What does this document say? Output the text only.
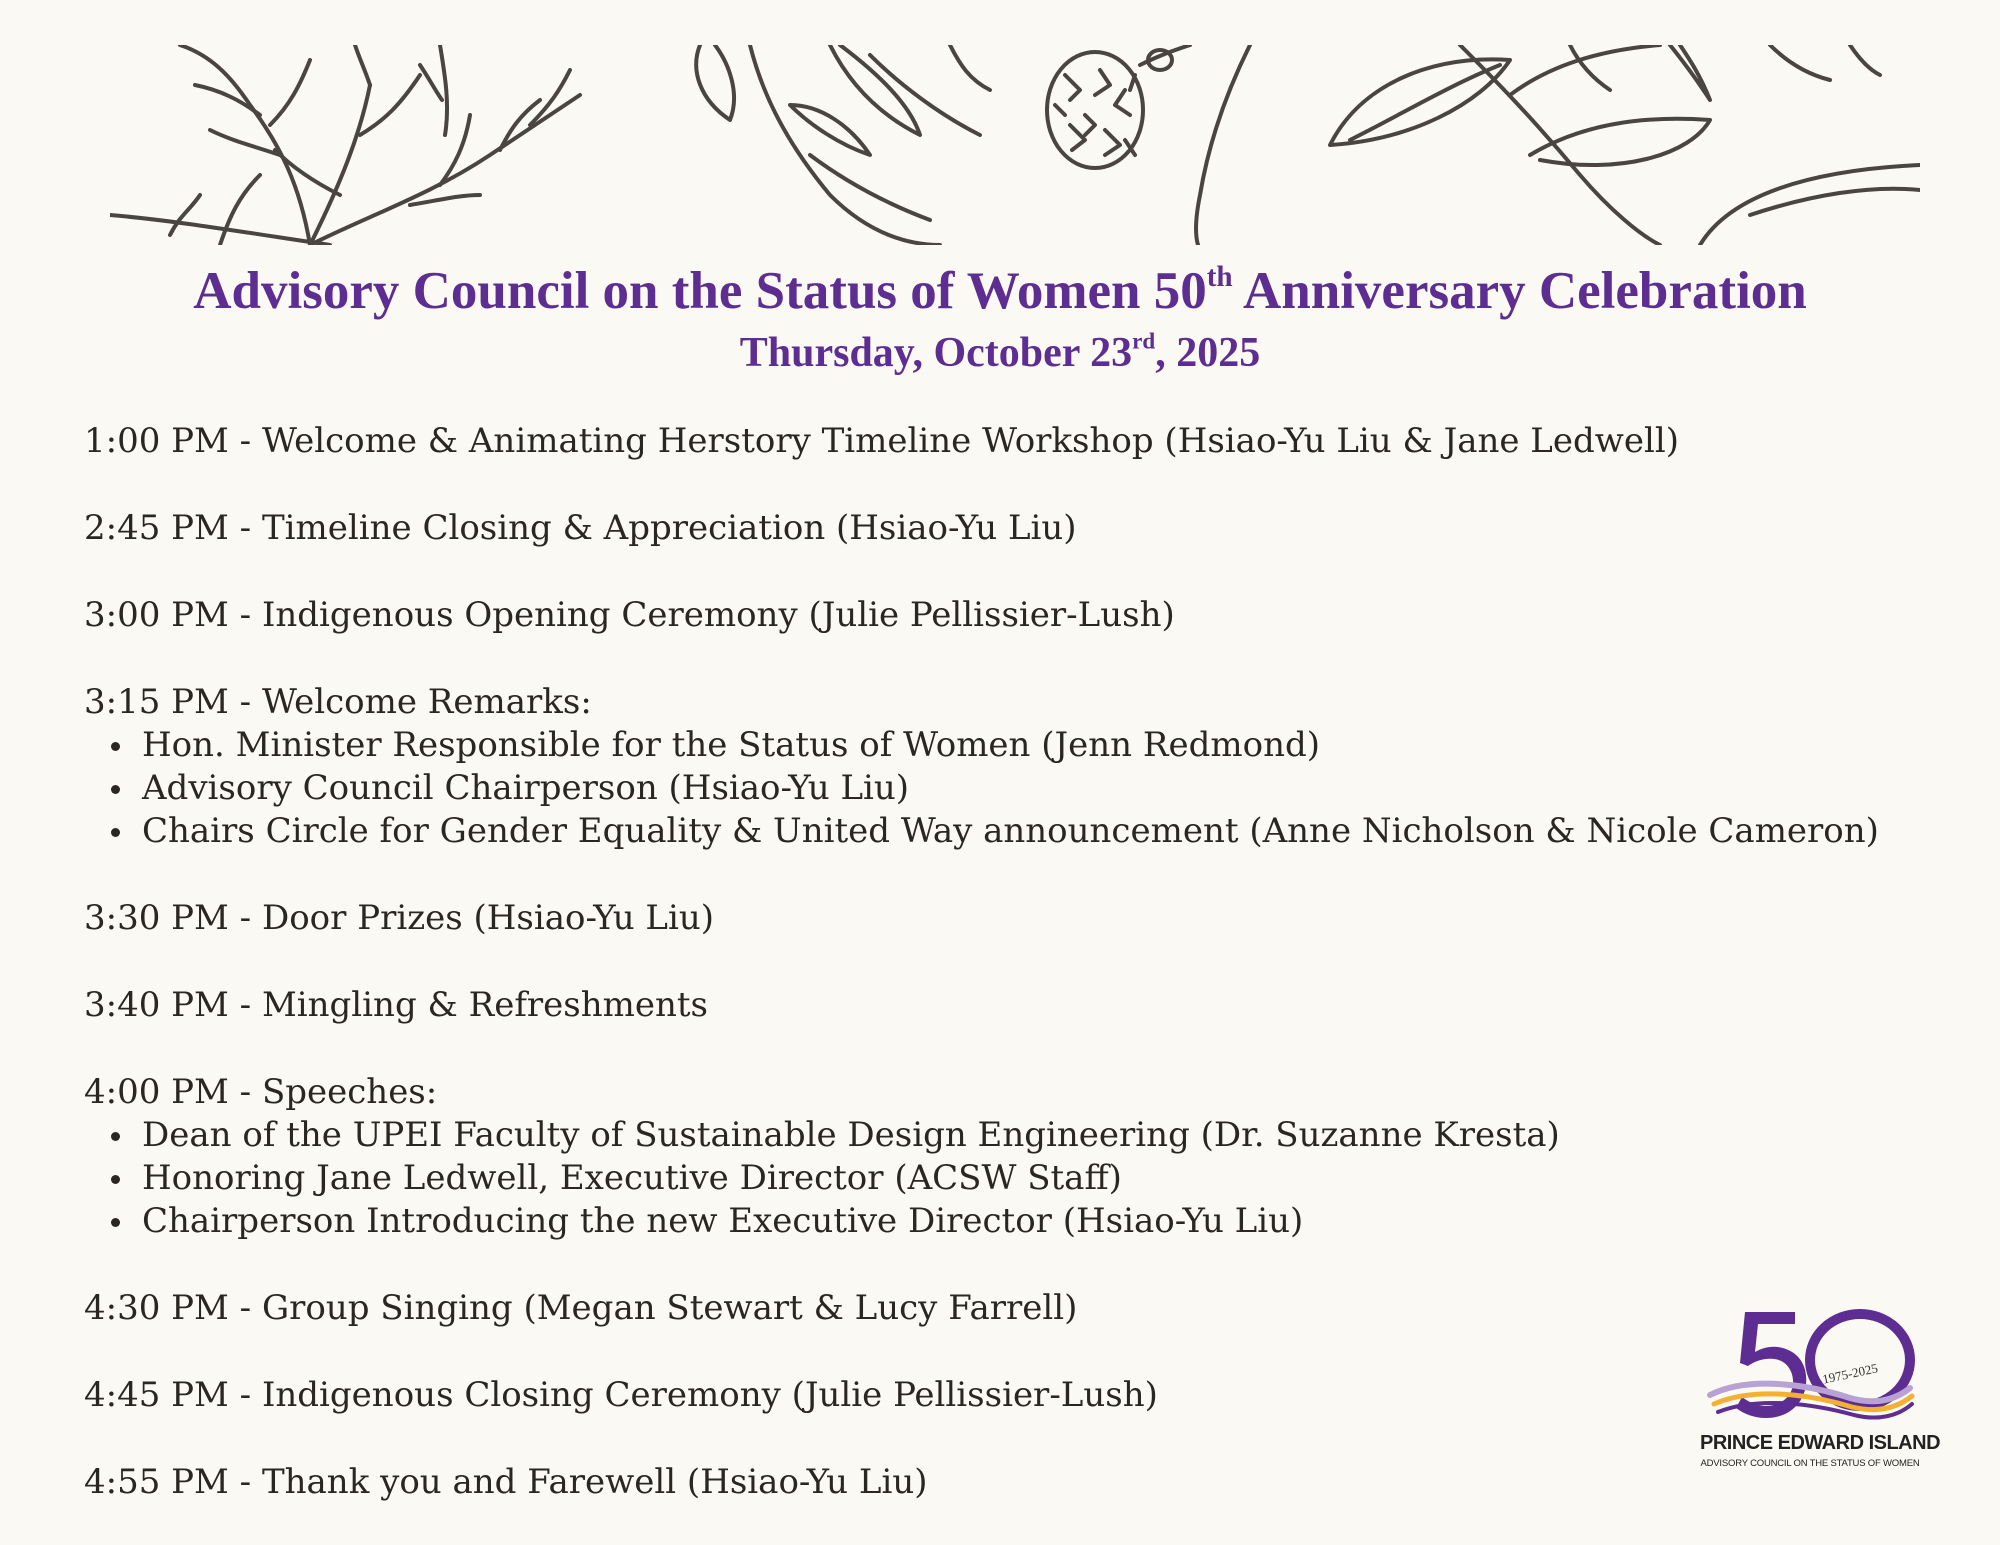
Advisory Council on the Status of Women 50th Anniversary Celebration
Thursday, October 23rd, 2025
1:00 PM - Welcome & Animating Herstory Timeline Workshop (Hsiao-Yu Liu & Jane Ledwell)
2:45 PM - Timeline Closing & Appreciation (Hsiao-Yu Liu)
3:00 PM - Indigenous Opening Ceremony (Julie Pellissier-Lush)
3:15 PM - Welcome Remarks:
Hon. Minister Responsible for the Status of Women (Jenn Redmond)
Advisory Council Chairperson (Hsiao-Yu Liu)
Chairs Circle for Gender Equality & United Way announcement (Anne Nicholson & Nicole Cameron)
3:30 PM - Door Prizes (Hsiao-Yu Liu)
3:40 PM - Mingling & Refreshments
4:00 PM - Speeches:
Dean of the UPEI Faculty of Sustainable Design Engineering (Dr. Suzanne Kresta)
Honoring Jane Ledwell, Executive Director (ACSW Staff)
Chairperson Introducing the new Executive Director (Hsiao-Yu Liu)
4:30 PM - Group Singing (Megan Stewart & Lucy Farrell)
4:45 PM - Indigenous Closing Ceremony (Julie Pellissier-Lush)
4:55 PM - Thank you and Farewell (Hsiao-Yu Liu)
1975-2025
PRINCE EDWARD ISLAND
ADVISORY COUNCIL ON THE STATUS OF WOMEN
